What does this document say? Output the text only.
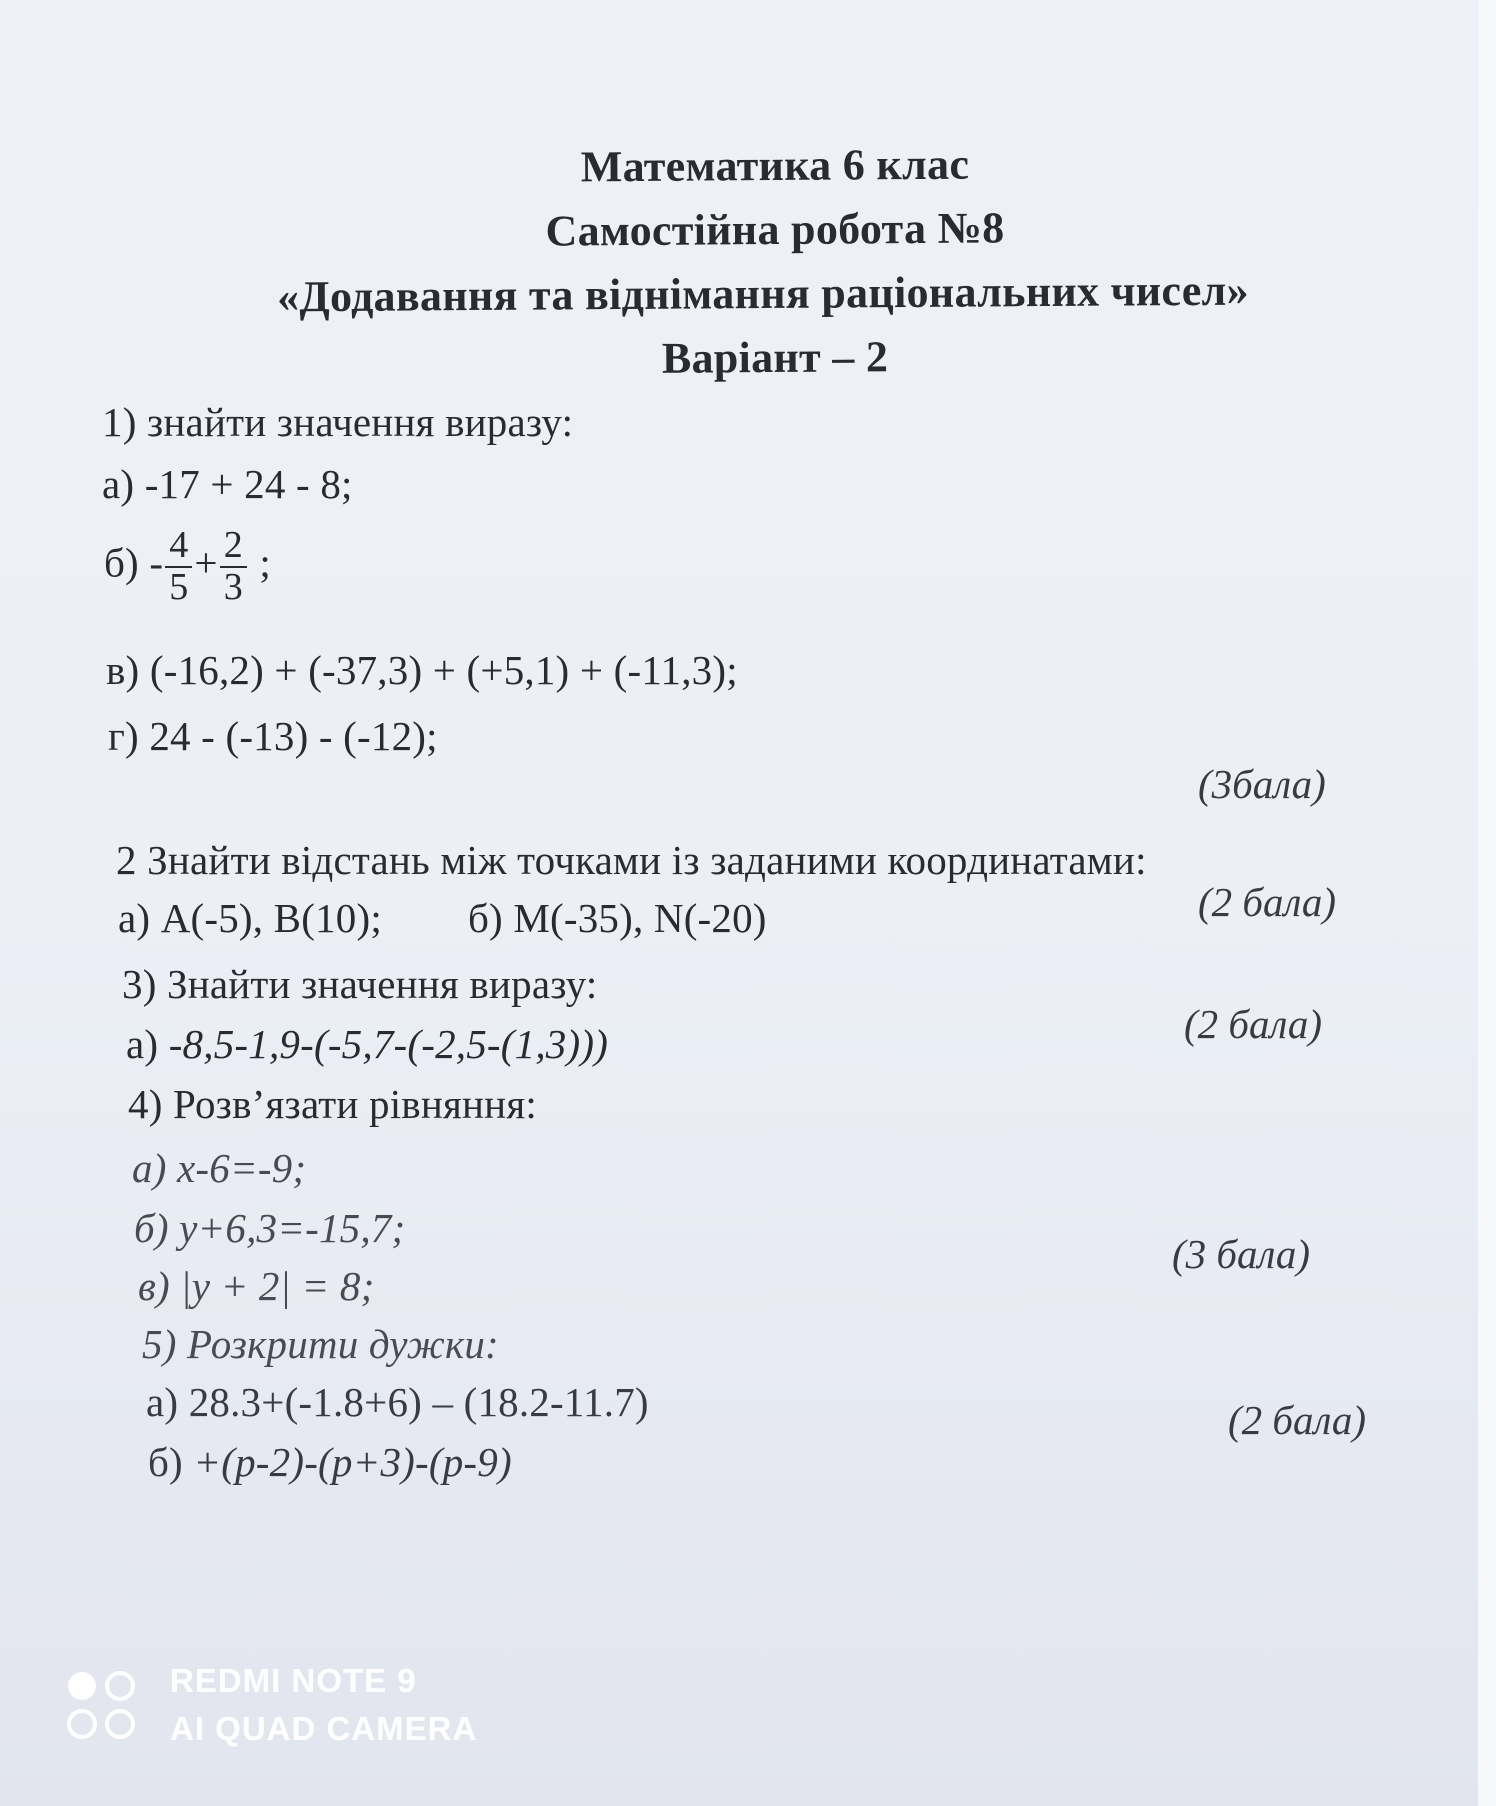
Математика 6 клас
Самостійна робота №8
«Додавання та віднімання раціональних чисел»
Варіант – 2
1) знайти значення виразу:
а) -17 + 24 - 8;
$б) - \frac{4}{5} + \frac{2}{3}$ ;
в) (-16,2) + (-37,3) + (+5,1) + (-11,3);
г) 24 - (-13) - (-12);
(3бала)
2 Знайти відстань між точками із заданими координатами:
а) A(-5), B(10); б) M(-35), N(-20)	(2 бала)
3) Знайти значення виразу:
а) -8,5-1,9-(-5,7-(-2,5-(1,3)))	(2 бала)
4) Розв’язати рівняння:
а) x-6=-9;
б) y+6,3=-15,7;
в) |y + 2| = 8;
(3 бала)
5) Розкрити дужки:
а) 28.3+(-1.8+6) – (18.2-11.7)
б) +(p-2)-(p+3)-(p-9)
(2 бала)
REDMI NOTE 9
AI QUAD CAMERA
